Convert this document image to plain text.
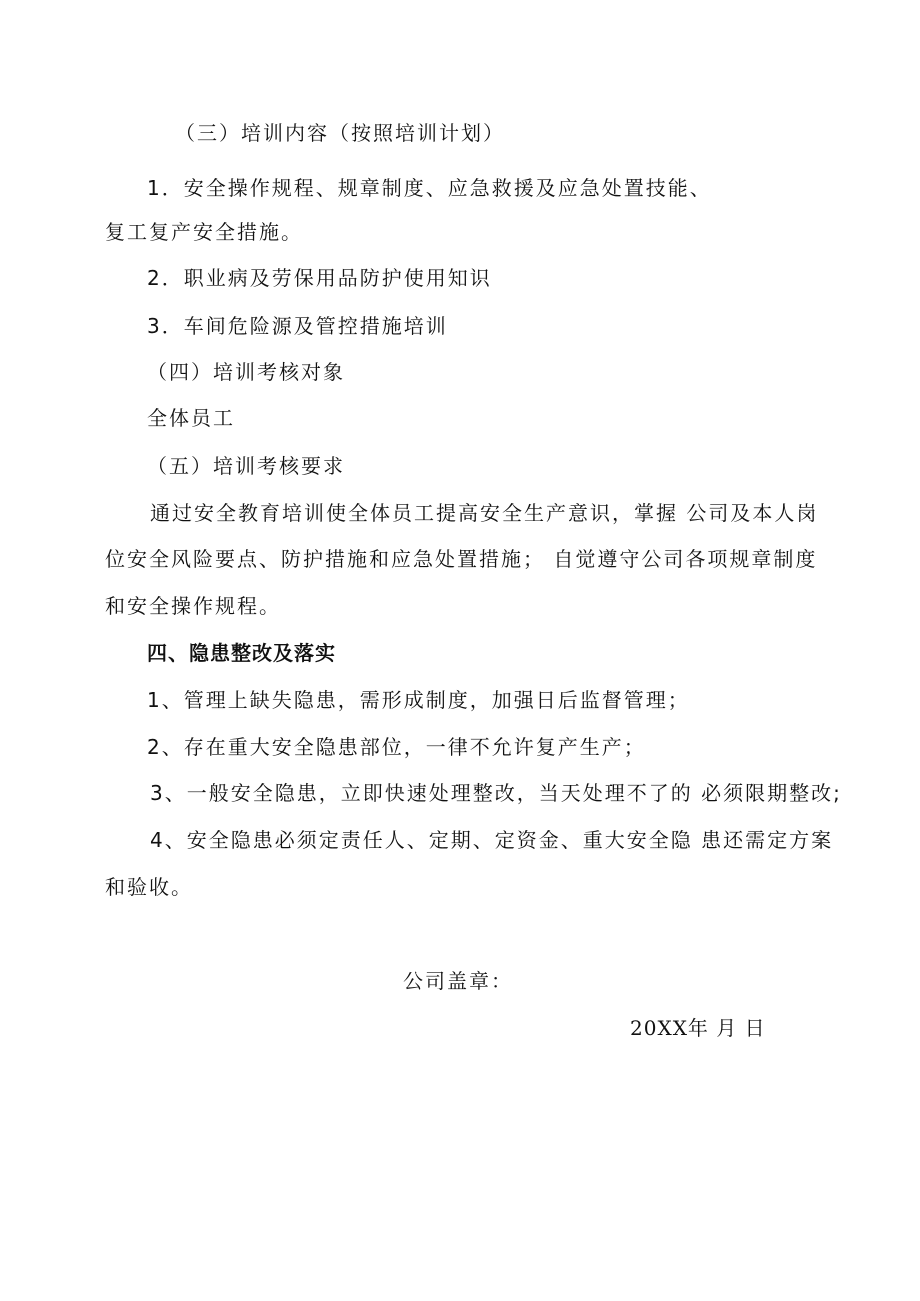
（三）培训内容（按照培训计划）
1．安全操作规程、规章制度、应急救援及应急处置技能、
复工复产安全措施。
2．职业病及劳保用品防护使用知识
3．车间危险源及管控措施培训
（四）培训考核对象
全体员工
（五）培训考核要求
通过安全教育培训使全体员工提高安全生产意识，掌握 公司及本人岗
位安全风险要点、防护措施和应急处置措施； 自觉遵守公司各项规章制度
和安全操作规程。
四、隐患整改及落实
1、管理上缺失隐患，需形成制度，加强日后监督管理；
2、存在重大安全隐患部位，一律不允许复产生产；
3、一般安全隐患，立即快速处理整改，当天处理不了的 必须限期整改;
4、安全隐患必须定责任人、定期、定资金、重大安全隐 患还需定方案
和验收。
公司盖章：
20XX年 月 日
